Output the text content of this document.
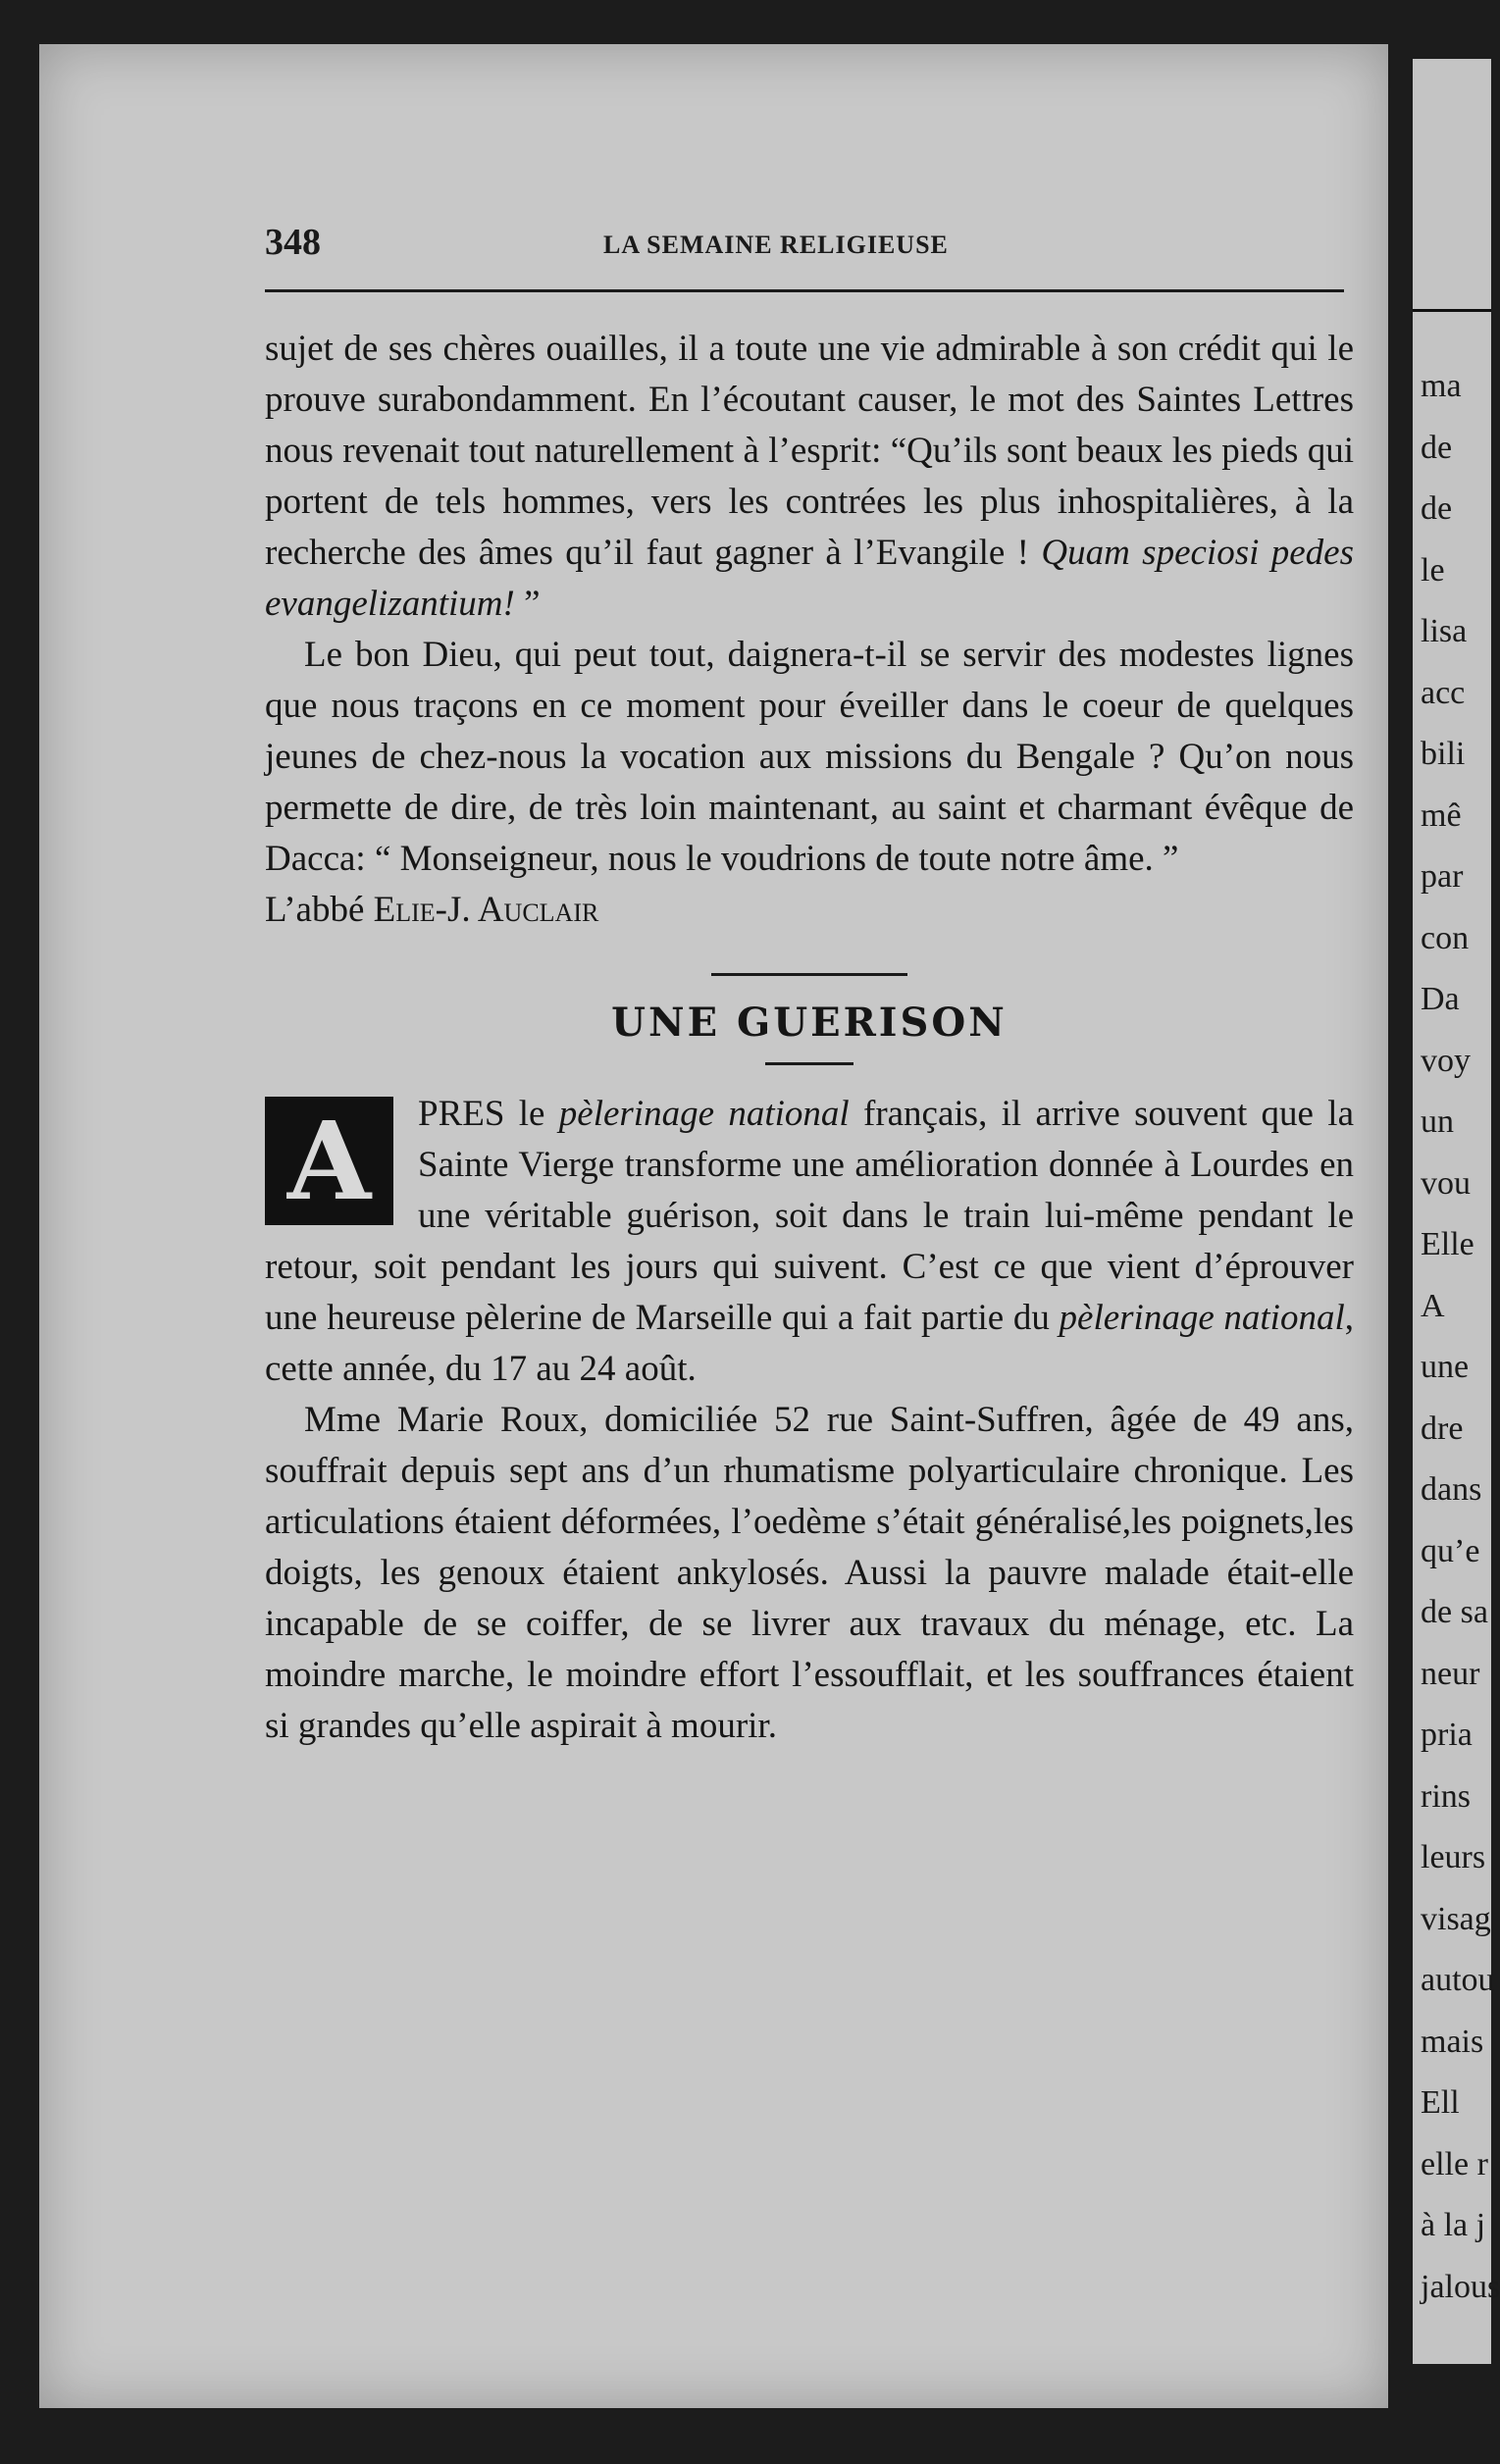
348	LA SEMAINE RELIGIEUSE

sujet de ses chères ouailles, il a toute une vie admirable à son crédit qui le prouve surabondamment. En l’écoutant causer, le mot des Saintes Lettres nous revenait tout naturellement à l’esprit: “Qu’ils sont beaux les pieds qui portent de tels hommes, vers les contrées les plus inhospitalières, à la recherche des âmes qu’il faut gagner à l’Evangile ! Quam speciosi pedes evangelizantium! ”

Le bon Dieu, qui peut tout, daignera-t-il se servir des modestes lignes que nous traçons en ce moment pour éveiller dans le coeur de quelques jeunes de chez-nous la vocation aux missions du Bengale ? Qu’on nous permette de dire, de très loin maintenant, au saint et charmant évêque de Dacca: “ Monseigneur, nous le voudrions de toute notre âme. ”

L’abbé Elie-J. Auclair

UNE GUERISON

A	PRES le pèlerinage national français, il arrive souvent que la Sainte Vierge transforme une amélioration donnée à Lourdes en une véritable guérison, soit dans le train lui-même pendant le retour, soit pendant les jours qui suivent. C’est ce que vient d’éprouver une heureuse pèlerine de Marseille qui a fait partie du pèlerinage national, cette année, du 17 au 24 août.

Mme Marie Roux, domiciliée 52 rue Saint-Suffren, âgée de 49 ans, souffrait depuis sept ans d’un rhumatisme polyarticulaire chronique. Les articulations étaient déformées, l’oedème s’était généralisé,les poignets,les doigts, les genoux étaient ankylosés. Aussi la pauvre malade était-elle incapable de se coiffer, de se livrer aux travaux du ménage, etc. La moindre marche, le moindre effort l’essoufflait, et les souffrances étaient si grandes qu’elle aspirait à mourir.

ma
de
de
le
lisa
acc
bili
mê
par
con
Da
voy
un
vou
Elle
A
une
dre
dans
qu’e
de sa
neur
pria
rins
leurs
visag
autou
mais
Ell
elle r
à la j
jalous
